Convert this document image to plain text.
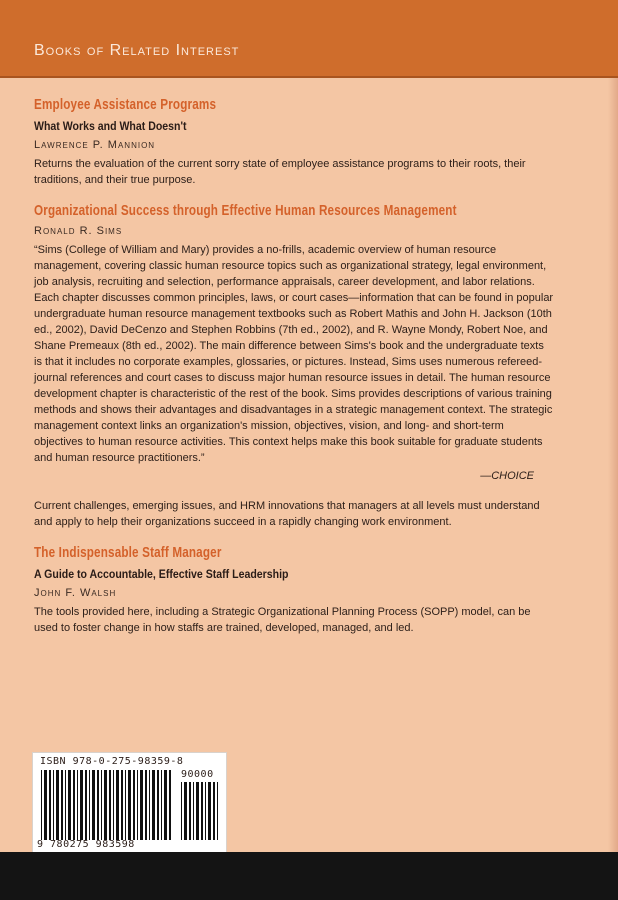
Books of Related Interest
Employee Assistance Programs
What Works and What Doesn't
Lawrence P. Mannion
Returns the evaluation of the current sorry state of employee assistance programs to their roots, their traditions, and their true purpose.
Organizational Success through Effective Human Resources Management
Ronald R. Sims
“Sims (College of William and Mary) provides a no-frills, academic overview of human resource management, covering classic human resource topics such as organizational strategy, legal environment, job analysis, recruiting and selection, performance appraisals, career development, and labor relations. Each chapter discusses common principles, laws, or court cases—information that can be found in popular undergraduate human resource management textbooks such as Robert Mathis and John H. Jackson (10th ed., 2002), David DeCenzo and Stephen Robbins (7th ed., 2002), and R. Wayne Mondy, Robert Noe, and Shane Premeaux (8th ed., 2002). The main difference between Sims's book and the undergraduate texts is that it includes no corporate examples, glossaries, or pictures. Instead, Sims uses numerous refereed-journal references and court cases to discuss major human resource issues in detail. The human resource development chapter is characteristic of the rest of the book. Sims provides descriptions of various training methods and shows their advantages and disadvantages in a strategic management context. The strategic management context links an organization's mission, objectives, vision, and long- and short-term objectives to human resource activities. This context helps make this book suitable for graduate students and human resource practitioners.”
—CHOICE
Current challenges, emerging issues, and HRM innovations that managers at all levels must understand and apply to help their organizations succeed in a rapidly changing work environment.
The Indispensable Staff Manager
A Guide to Accountable, Effective Staff Leadership
John F. Walsh
The tools provided here, including a Strategic Organizational Planning Process (SOPP) model, can be used to foster change in how staffs are trained, developed, managed, and led.
ISBN 978-0-275-98359-8
90000
9 780275 983598
